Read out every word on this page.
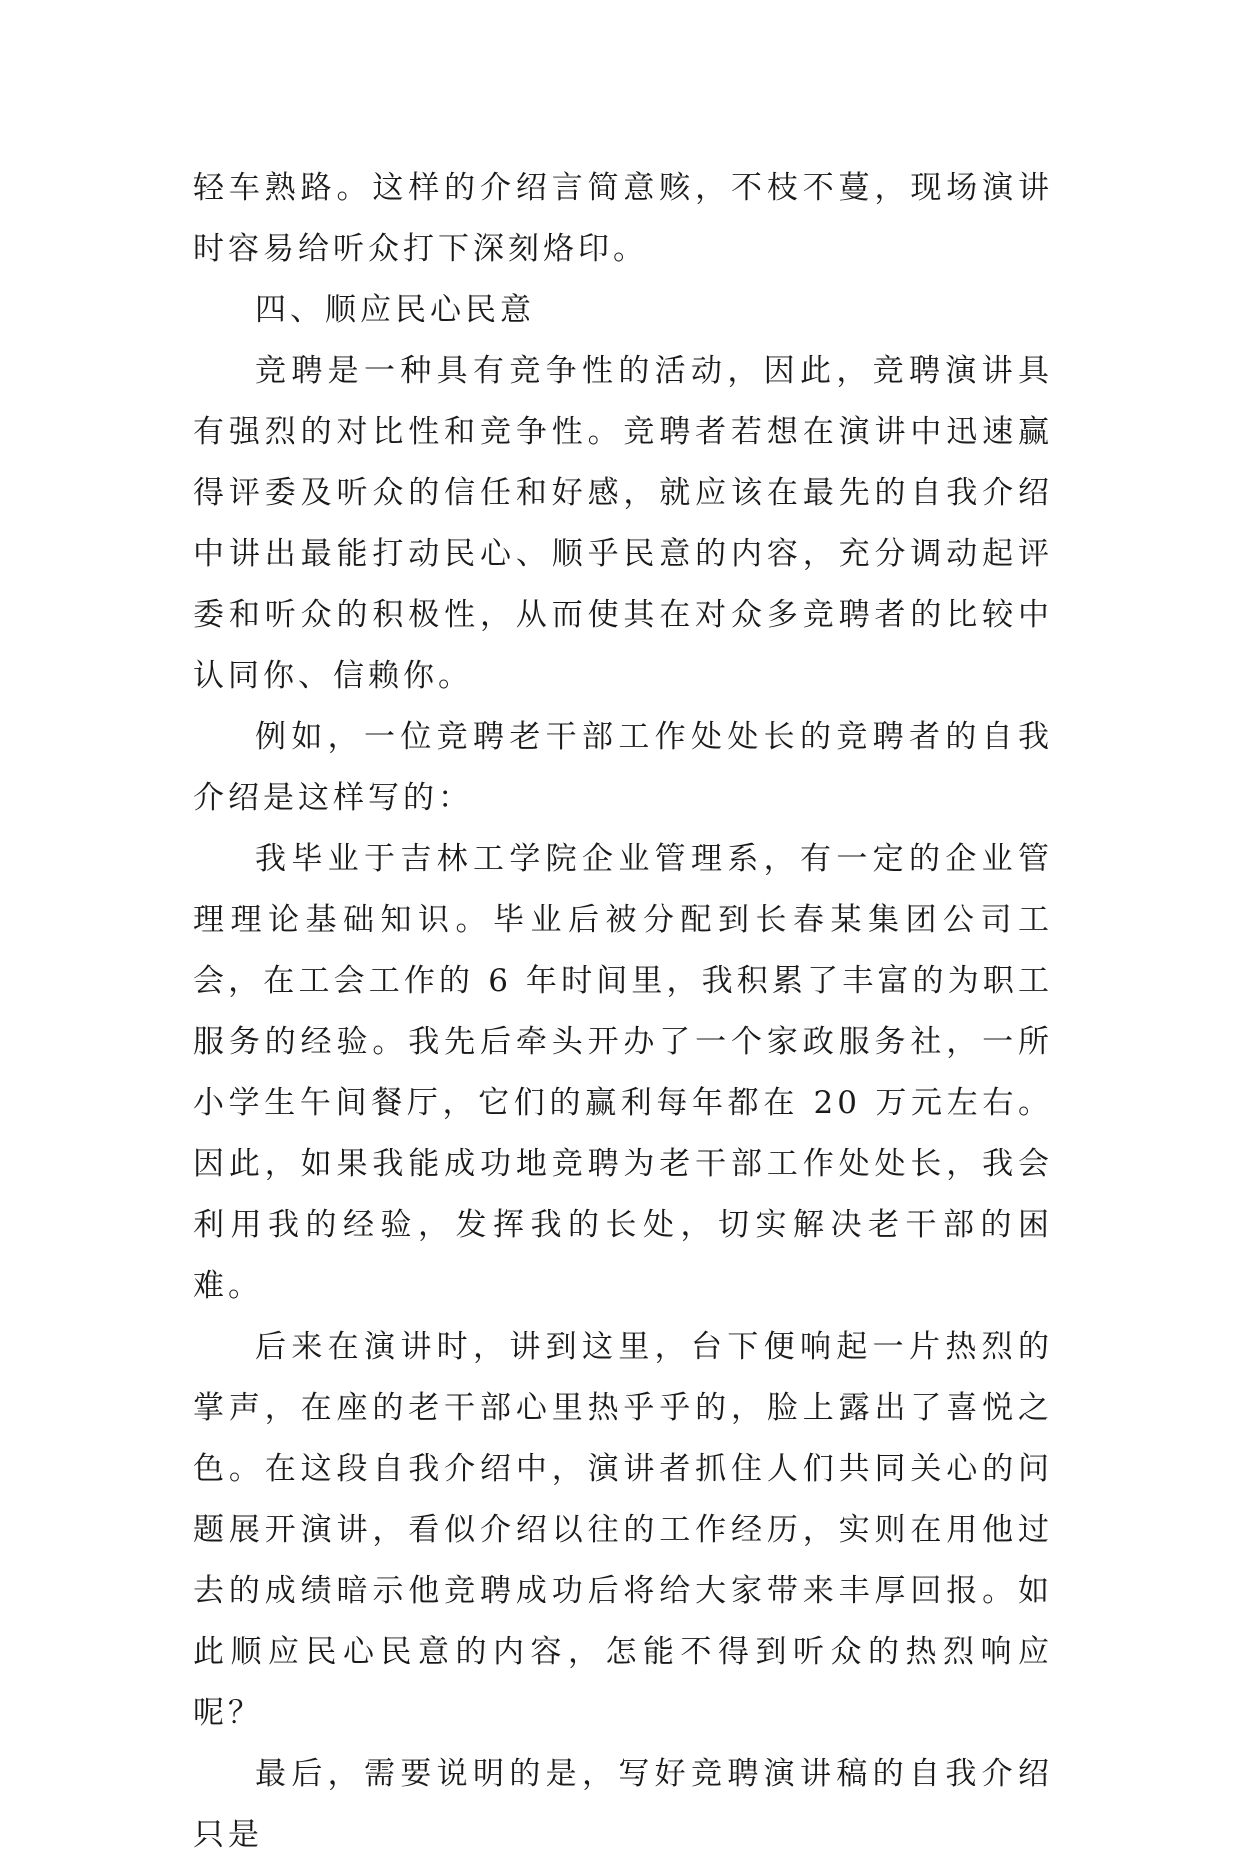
轻车熟路。这样的介绍言简意赅，不枝不蔓，现场演讲时容易给听众打下深刻烙印。

四、顺应民心民意

竞聘是一种具有竞争性的活动，因此，竞聘演讲具有强烈的对比性和竞争性。竞聘者若想在演讲中迅速赢得评委及听众的信任和好感，就应该在最先的自我介绍中讲出最能打动民心、顺乎民意的内容，充分调动起评委和听众的积极性，从而使其在对众多竞聘者的比较中认同你、信赖你。

例如，一位竞聘老干部工作处处长的竞聘者的自我介绍是这样写的：

我毕业于吉林工学院企业管理系，有一定的企业管理理论基础知识。毕业后被分配到长春某集团公司工会，在工会工作的 6 年时间里，我积累了丰富的为职工服务的经验。我先后牵头开办了一个家政服务社，一所小学生午间餐厅，它们的赢利每年都在 20 万元左右。因此，如果我能成功地竞聘为老干部工作处处长，我会利用我的经验，发挥我的长处，切实解决老干部的困难。

后来在演讲时，讲到这里，台下便响起一片热烈的掌声，在座的老干部心里热乎乎的，脸上露出了喜悦之色。在这段自我介绍中，演讲者抓住人们共同关心的问题展开演讲，看似介绍以往的工作经历，实则在用他过去的成绩暗示他竞聘成功后将给大家带来丰厚回报。如此顺应民心民意的内容，怎能不得到听众的热烈响应呢？

最后，需要说明的是，写好竞聘演讲稿的自我介绍只是
